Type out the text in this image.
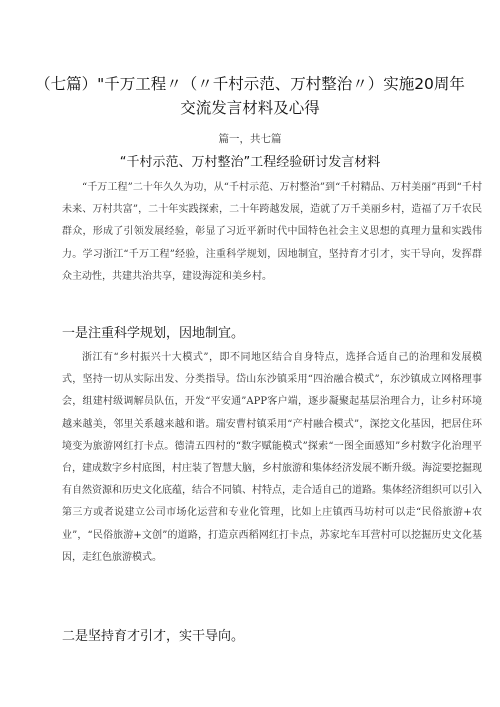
（七篇）"千万工程〃（〃千村示范、万村整治〃）实施20周年交流发言材料及心得
篇一，共七篇
“千村示范、万村整治”工程经验研讨发言材料

“千万工程”二十年久久为功，从“千村示范、万村整治”到“千村精品、万村美丽”再到“千村未来、万村共富”，二十年实践探索，二十年跨越发展，造就了万千美丽乡村，造福了万千农民群众，形成了引领发展经验，彰显了习近平新时代中国特色社会主义思想的真理力量和实践伟力。学习浙江“千万工程”经验，注重科学规划，因地制宜，坚持育才引才，实干导向，发挥群众主动性，共建共治共享，建设海淀和美乡村。

一是注重科学规划，因地制宜。

浙江有“乡村振兴十大模式”，即不同地区结合自身特点，选择合适自己的治理和发展模式，坚持一切从实际出发、分类指导。岱山东沙镇采用“四治融合模式”，东沙镇成立网格理事会，组建村级调解员队伍，开发“平安通”APP客户端，逐步凝聚起基层治理合力，让乡村环境越来越美，邻里关系越来越和谐。瑞安曹村镇采用“产村融合模式”，深挖文化基因，把居住环境变为旅游网红打卡点。德清五四村的“数字赋能模式”探索“一图全面感知”乡村数字化治理平台，建成数字乡村底图，村庄装了智慧大脑，乡村旅游和集体经济发展不断升级。海淀要挖掘现有自然资源和历史文化底蕴，结合不同镇、村特点，走合适自己的道路。集体经济组织可以引入第三方或者说建立公司市场化运营和专业化管理，比如上庄镇西马坊村可以走“民俗旅游+农业”，“民俗旅游+文创”的道路，打造京西稻网红打卡点，苏家坨车耳营村可以挖掘历史文化基因，走红色旅游模式。

二是坚持育才引才，实干导向。
